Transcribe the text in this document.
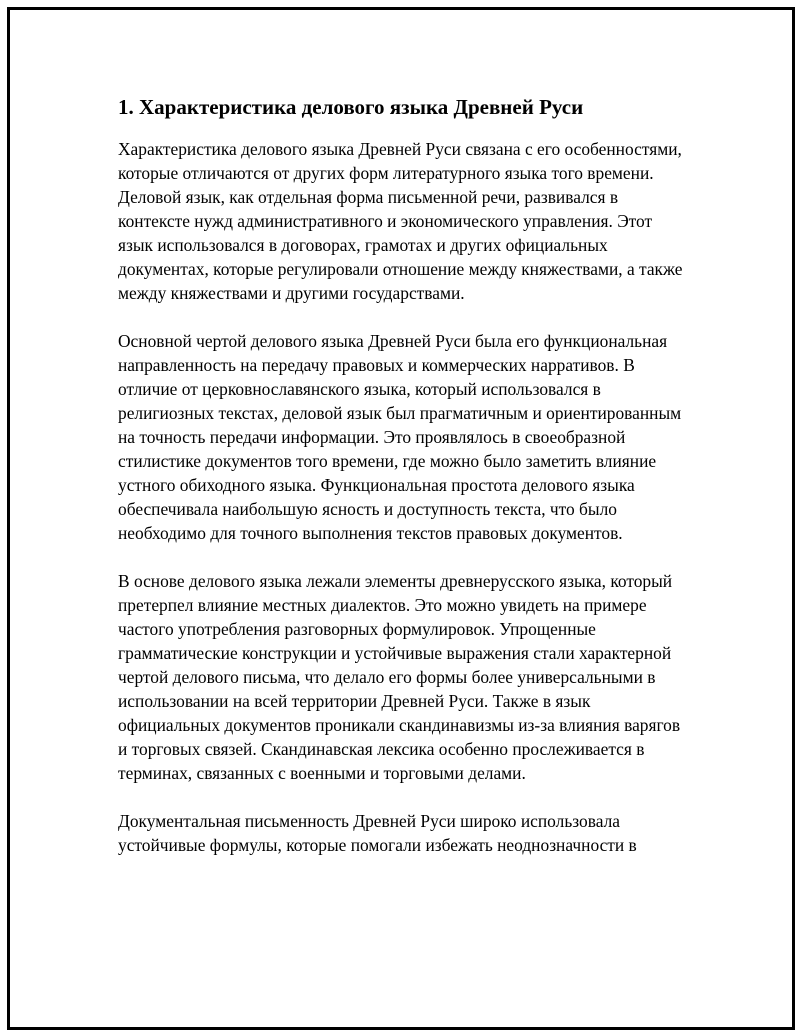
1. Характеристика делового языка Древней Руси

Характеристика делового языка Древней Руси связана с его особенностями, которые отличаются от других форм литературного языка того времени. Деловой язык, как отдельная форма письменной речи, развивался в контексте нужд административного и экономического управления. Этот язык использовался в договорах, грамотах и других официальных документах, которые регулировали отношение между княжествами, а также между княжествами и другими государствами.

Основной чертой делового языка Древней Руси была его функциональная направленность на передачу правовых и коммерческих нарративов. В отличие от церковнославянского языка, который использовался в религиозных текстах, деловой язык был прагматичным и ориентированным на точность передачи информации. Это проявлялось в своеобразной стилистике документов того времени, где можно было заметить влияние устного обиходного языка. Функциональная простота делового языка обеспечивала наибольшую ясность и доступность текста, что было необходимо для точного выполнения текстов правовых документов.

В основе делового языка лежали элементы древнерусского языка, который претерпел влияние местных диалектов. Это можно увидеть на примере частого употребления разговорных формулировок. Упрощенные грамматические конструкции и устойчивые выражения стали характерной чертой делового письма, что делало его формы более универсальными в использовании на всей территории Древней Руси. Также в язык официальных документов проникали скандинавизмы из-за влияния варягов и торговых связей. Скандинавская лексика особенно прослеживается в терминах, связанных с военными и торговыми делами.

Документальная письменность Древней Руси широко использовала устойчивые формулы, которые помогали избежать неоднозначности в
